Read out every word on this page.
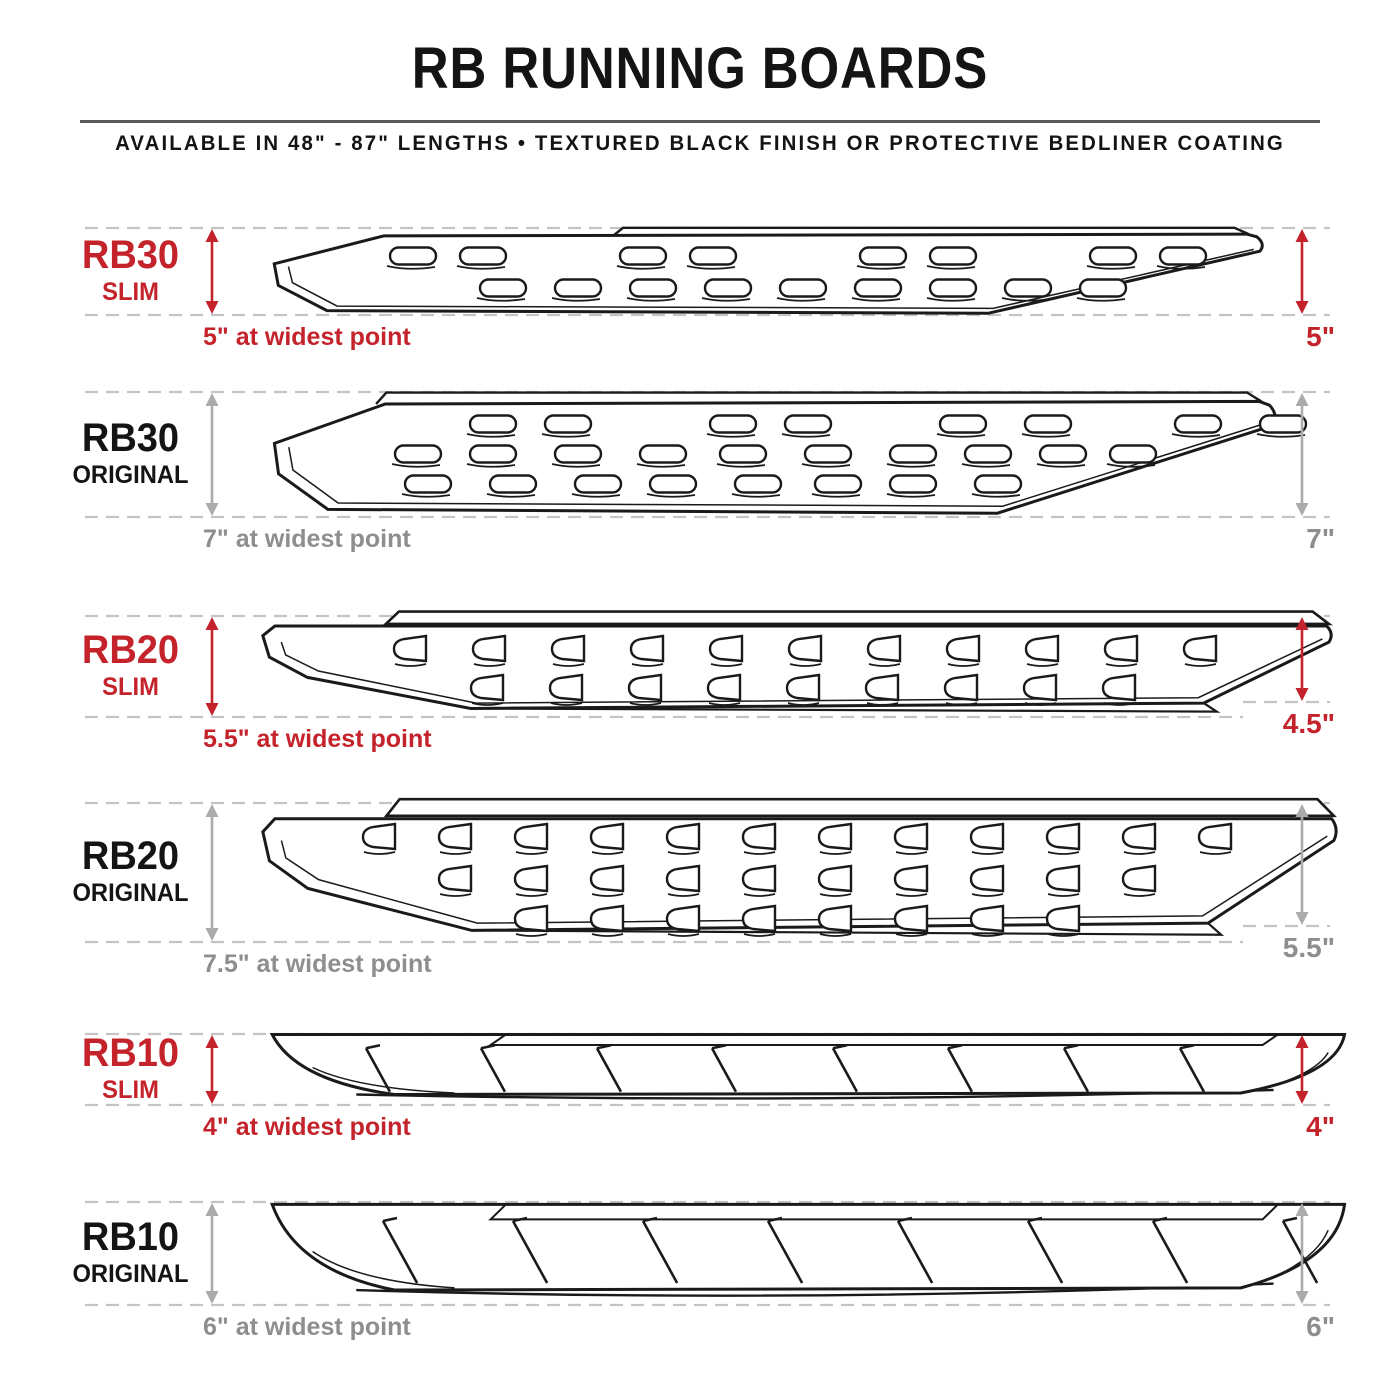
RB RUNNING BOARDS
AVAILABLE IN 48" - 87" LENGTHS • TEXTURED BLACK FINISH OR PROTECTIVE BEDLINER COATING
RB30
SLIM
5" at widest point	5"
RB30
ORIGINAL
7" at widest point	7"
RB20
SLIM
5.5" at widest point	4.5"
RB20
ORIGINAL
7.5" at widest point
5.5"
RB10
SLIM
4" at widest point	4"
RB10
ORIGINAL
6" at widest point	6"
